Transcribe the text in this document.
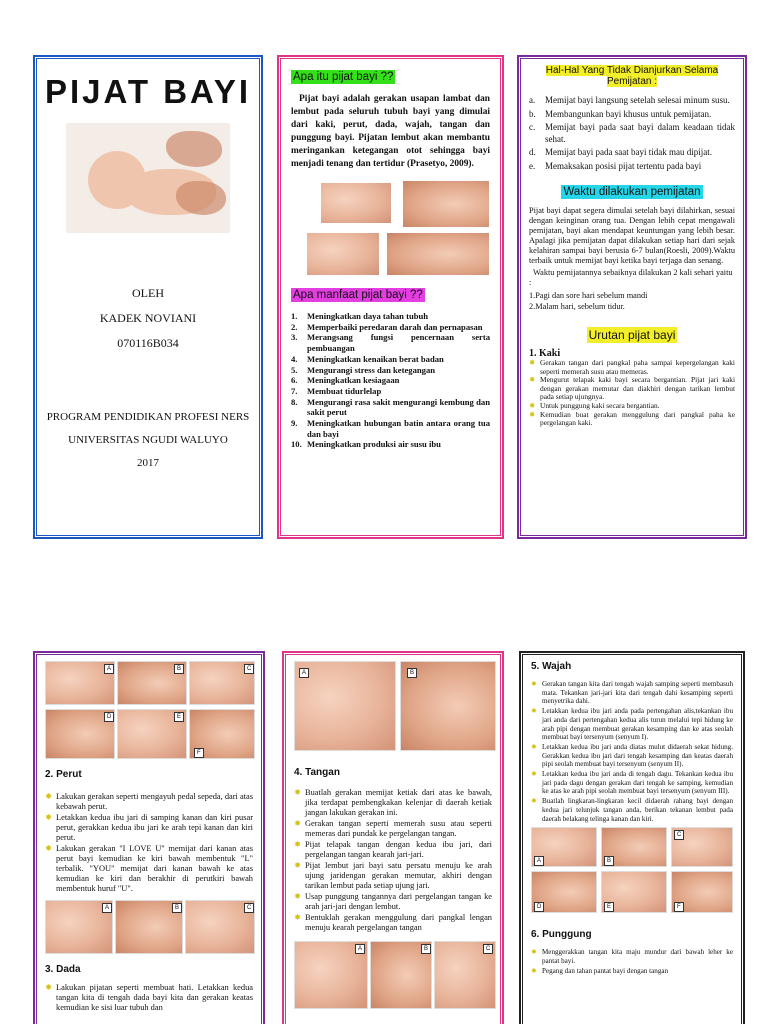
PIJAT BAYI
OLEH
KADEK NOVIANI
070116B034
PROGRAM PENDIDIKAN PROFESI NERS
UNIVERSITAS NGUDI WALUYO
2017
Apa itu pijat bayi ??

Pijat bayi adalah gerakan usapan lambat dan lembut pada seluruh tubuh bayi yang dimulai dari kaki, perut, dada, wajah, tangan dan punggung bayi. Pijatan lembut akan membantu meringankan ketegangan otot sehingga bayi menjadi tenang dan tertidur (Prasetyo, 2009).

Apa manfaat pijat bayi ??
1.	Meningkatkan daya tahan tubuh
2.	Memperbaiki peredaran darah dan pernapasan
3.	Merangsang fungsi pencernaan serta pembuangan
4.	Meningkatkan kenaikan berat badan
5.	Mengurangi stress dan ketegangan
6.	Meningkatkan kesiagaan
7.	Membuat tidurlelap
8.	Mengurangi rasa sakit mengurangi kembung dan sakit perut
9.	Meningkatkan hubungan batin antara orang tua dan bayi
10. Meningkatkan produksi air susu ibu
Hal-Hal Yang Tidak Dianjurkan Selama Pemijatan :
a.	Memijat bayi langsung setelah selesai minum susu.
b.	Membangunkan bayi khusus untuk pemijatan.
c.	Memijat bayi pada saat bayi dalam keadaan tidak sehat.
d.	Memijat bayi pada saat bayi tidak mau dipijat.
e.	Memaksakan posisi pijat tertentu pada bayi
Waktu dilakukan pemijatan

Pijat bayi dapat segera dimulai setelah bayi dilahirkan, sesuai dengan keinginan orang tua. Dengan lebih cepat mengawali pemijatan, bayi akan mendapat keuntungan yang lebih besar. Apalagi jika pemijatan dapat dilakukan setiap hari dari sejak kelahiran sampai bayi berusia 6-7 bulan(Roesli, 2009).Waktu terbaik untuk memijat bayi ketika bayi terjaga dan senang.

Waktu pemijatannya sebaiknya dilakukan 2 kali sehari yaitu :

1.Pagi dan sore hari sebelum mandi
2.Malam hari, sebelum tidur.
Urutan pijat bayi
1. Kaki
✸ Gerakan tangan dari pangkal paha sampai kepergelangan kaki seperti memerah susu atau memeras.
✸ Mengurut telapak kaki bayi secara bergantian. Pijat jari kaki dengan gerakan memutar dan diakhiri dengan tarikan lembut pada setiap ujungnya.
✸ Untuk punggung kaki secara bergantian.
✸ Kemudian buat gerakan menggulung dari pangkal paha ke pergelangan kaki.
A	B	C
D	E
F
2. Perut
✸ Lakukan gerakan seperti mengayuh pedal sepeda, dari atas kebawah perut.
✸ Letakkan kedua ibu jari di samping kanan dan kiri pusar perut, gerakkan kedua ibu jari ke arah tepi kanan dan kiri perut.
✸ Lakukan gerakan "I LOVE U" memijat dari kanan atas perut bayi kemudian ke kiri bawah membentuk "L" terbalik. "YOU" memijat dari kanan bawah ke atas kemudian ke kiri dan berakhir di perutkiri bawah membentuk huruf "U".
A	B	C
3. Dada
✸ Lakukan pijatan seperti membuat hati. Letakkan kedua tangan kita di tengah dada bayi kita dan gerakan keatas kemudian ke sisi luar tubuh dan
A	B
4. Tangan
✸ Buatlah gerakan memijat ketiak dari atas ke bawah, jika terdapat pembengkakan kelenjar di daerah ketiak jangan lakukan gerakan ini.
✸ Gerakan tangan seperti memerah susu atau seperti memeras dari pundak ke pergelangan tangan.
✸ Pijat telapak tangan dengan kedua ibu jari, dari pergelangan tangan kearah jari-jari.
✸ Pijat lembut jari bayi satu persatu menuju ke arah ujung jaridengan gerakan memutar, akhiri dengan tarikan lembut pada setiap ujung jari.
✸ Usap punggung tangannya dari pergelangan tangan ke arah jari-jari dengan lembut.
✸ Bentuklah gerakan menggulung dari pangkal lengan menuju kearah pergelangan tangan
A	B	C
5. Wajah
✸ Gerakan tangan kita dari tengah wajah samping seperti membasuh mata. Tekankan jari-jari kita dari tengah dahi kesamping seperti menyetrika dahi.
✸ Letakkan kedua ibu jari anda pada pertengahan alis,tekankan ibu jari anda dari pertengahan kedua alis turun melalui tepi hidung ke arah pipi dengan membuat gerakan kesamping dan ke atas seolah membuat bayi tersenyum (senyum I).
✸ Letakkan kedua ibu jari anda diatas mulut didaerah sekat hidung. Gerakkan kedua ibu jari dari tengah kesamping dan keatas daerah pipi seolah membuat bayi tersenyum (senyum II).
✸ Letakkan kedua ibu jari anda di tengah dagu. Tekankan kedua ibu jari pada dagu dengan gerakan dari tengah ke samping, kemudian ke atas ke arah pipi seolah membuat bayi tersenyum (senyum III).
✸ Buatlah lingkaran-lingkaran kecil didaerah rahang bayi dengan kedua jari telunjuk tangan anda, berikan tekanan lembut pada daerah belakang telinga kanan dan kiri.
A	B
C
D	E	F
6. Punggung
✸ Menggerakkan tangan kita maju mundur dari bawah leher ke pantat bayi.
✸ Pegang dan tahan pantat bayi dengan tangan
